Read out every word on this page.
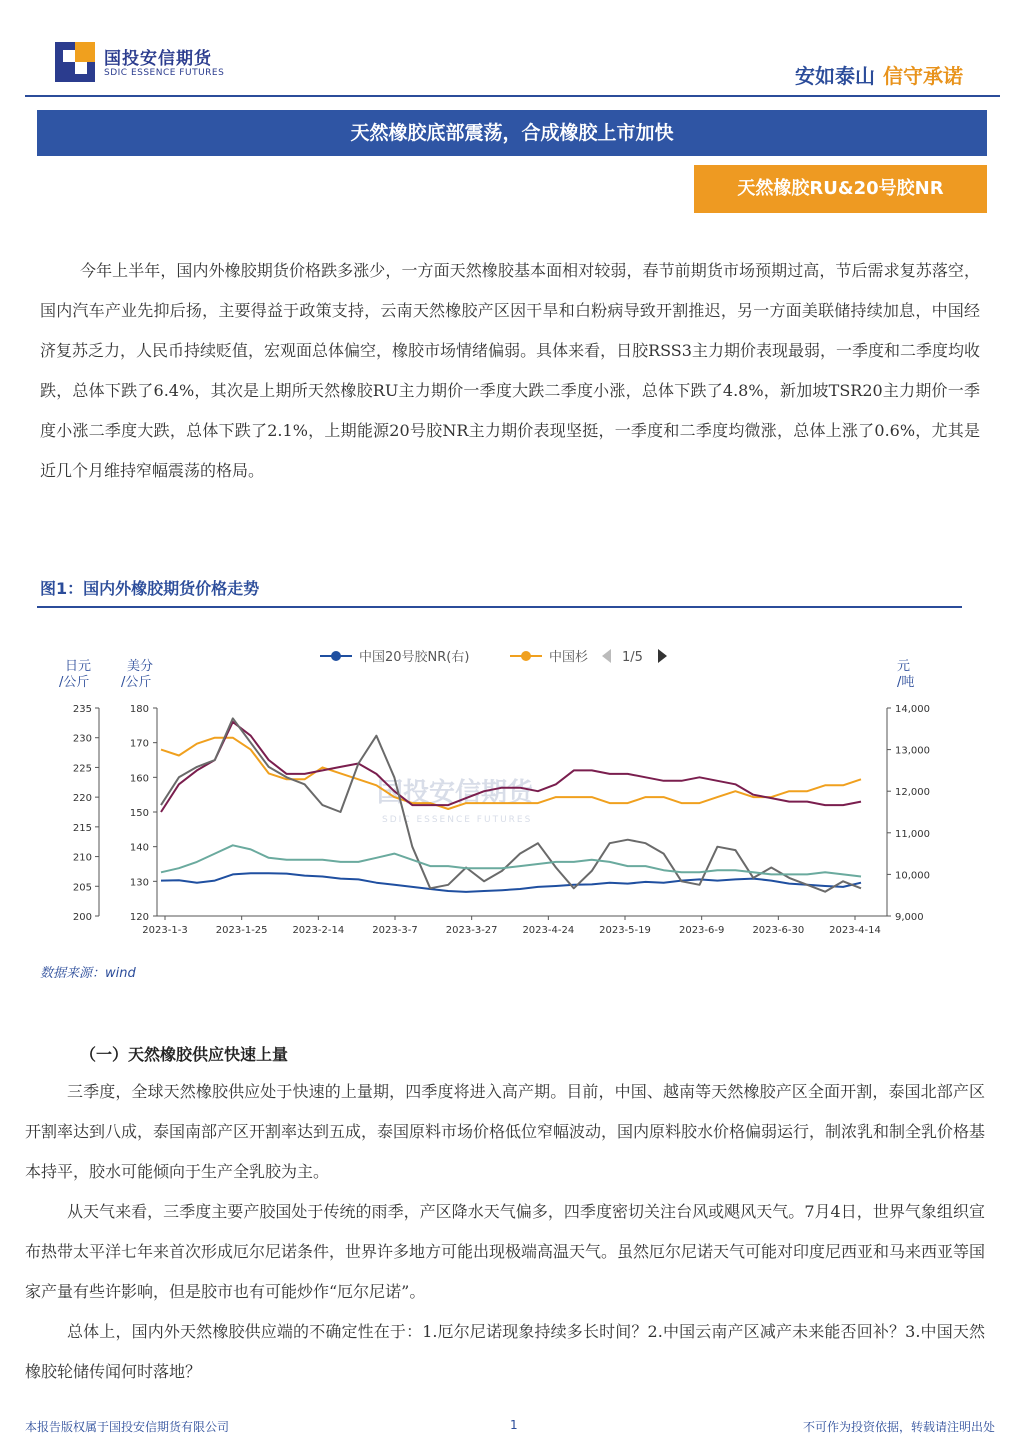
国投安信期货
SDIC ESSENCE FUTURES	安如泰山 信守承诺
天然橡胶底部震荡，合成橡胶上市加快
天然橡胶RU&20号胶NR
今年上半年，国内外橡胶期货价格跌多涨少，一方面天然橡胶基本面相对较弱，春节前期货市场预期过高，节后需求复苏落空，国内汽车产业先抑后扬，主要得益于政策支持，云南天然橡胶产区因干旱和白粉病导致开割推迟，另一方面美联储持续加息，中国经济复苏乏力，人民币持续贬值，宏观面总体偏空，橡胶市场情绪偏弱。具体来看，日胶RSS3主力期价表现最弱，一季度和二季度均收跌，总体下跌了6.4%，其次是上期所天然橡胶RU主力期价一季度大跌二季度小涨，总体下跌了4.8%，新加坡TSR20主力期价一季度小涨二季度大跌，总体下跌了2.1%，上期能源20号胶NR主力期价表现坚挺，一季度和二季度均微涨，总体上涨了0.6%，尤其是近几个月维持窄幅震荡的格局。
图1：国内外橡胶期货价格走势
国投安信期货
SDIC ESSENCE FUTURES
中国20号胶NR(右)	中国杉	1/5
日元
/公斤
美分
/公斤
元
/吨
235
230
225
220
215
210
205
200
180
170
160
150
140
130
120
14,000
13,000
12,000
11,000
10,000
9,000
2023-1-3	2023-1-25 2023-2-14	2023-3-7	2023-3-27 2023-4-24 2023-5-19	2023-6-9	2023-6-30 2023-4-14
数据来源：wind
（一）天然橡胶供应快速上量
三季度，全球天然橡胶供应处于快速的上量期，四季度将进入高产期。目前，中国、越南等天然橡胶产区全面开割，泰国北部产区开割率达到八成，泰国南部产区开割率达到五成，泰国原料市场价格低位窄幅波动，国内原料胶水价格偏弱运行，制浓乳和制全乳价格基本持平，胶水可能倾向于生产全乳胶为主。
从天气来看，三季度主要产胶国处于传统的雨季，产区降水天气偏多，四季度密切关注台风或飓风天气。7月4日，世界气象组织宣布热带太平洋七年来首次形成厄尔尼诺条件，世界许多地方可能出现极端高温天气。虽然厄尔尼诺天气可能对印度尼西亚和马来西亚等国家产量有些许影响，但是胶市也有可能炒作“厄尔尼诺”。
总体上，国内外天然橡胶供应端的不确定性在于：1.厄尔尼诺现象持续多长时间？2.中国云南产区减产未来能否回补？3.中国天然橡胶轮储传闻何时落地？
本报告版权属于国投安信期货有限公司	1	不可作为投资依据，转载请注明出处
